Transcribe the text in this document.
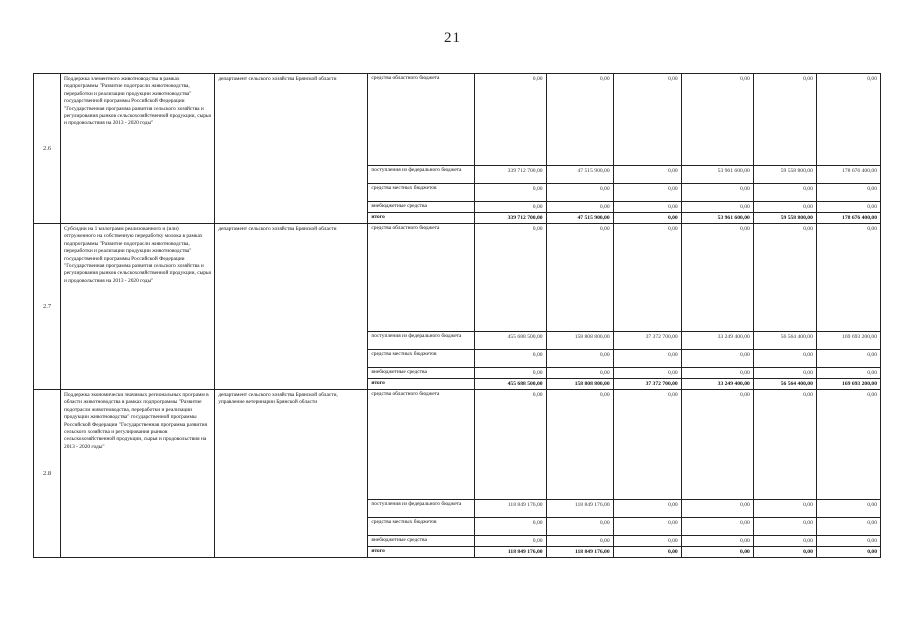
21
2.6	Поддержка элементного животноводства в рамках подпрограммы "Развитие подотрасли животноводства, переработки и реализации продукции животноводства" государственной программы Российской Федерации "Государственная программа развития сельского хозяйства и регулирования рынков сельскохозяйственной продукции, сырья и продовольствия на 2013 - 2020 годы"	департамент сельского хозяйства Брянской области	средства областного бюджета	0,00	0,00	0,00	0,00	0,00	0,00
			поступления из федерального бюджета	339 712 700,00	47 515 900,00	0,00	53 961 600,00	59 558 800,00	178 676 400,00
			средства местных бюджетов	0,00	0,00	0,00	0,00	0,00	0,00
			внебюджетные средства	0,00	0,00	0,00	0,00	0,00	0,00
			итого	339 712 700,00	47 515 900,00	0,00	53 961 600,00	59 558 800,00	178 676 400,00
2.7	Субсидии на 1 килограмм реализованного и (или) отгруженного на собственную переработку молока в рамках подпрограммы "Развитие подотрасли животноводства, переработки и реализации продукции животноводства" государственной программы Российской Федерации "Государственная программа развития сельского хозяйства и регулирования рынков сельскохозяйственной продукции, сырья и продовольствия на 2013 - 2020 годы"	департамент сельского хозяйства Брянской области	средства областного бюджета	0,00	0,00	0,00	0,00	0,00	0,00
			поступления из федерального бюджета	455 688 500,00	158 808 800,00	37 372 700,00	33 249 400,00	56 564 400,00	169 693 200,00
			средства местных бюджетов	0,00	0,00	0,00	0,00	0,00	0,00
			внебюджетные средства	0,00	0,00	0,00	0,00	0,00	0,00
			итого	455 688 500,00	158 808 800,00	37 372 700,00	33 249 400,00	56 564 400,00	169 693 200,00
2.8	Поддержка экономически значимых региональных программ в области животноводства в рамках подпрограммы "Развитие подотрасли животноводства, переработки и реализации продукции животноводства" государственной программы Российской Федерации "Государственная программа развития сельского хозяйства и регулирования рынков сельскохозяйственной продукции, сырья и продовольствия на 2013 - 2020 годы"	департамент сельского хозяйства Брянской области, управление ветеринарии Брянской области	средства областного бюджета	0,00	0,00	0,00	0,00	0,00	0,00
			поступления из федерального бюджета	118 849 176,00	118 849 176,00	0,00	0,00	0,00	0,00
			средства местных бюджетов	0,00	0,00	0,00	0,00	0,00	0,00
			внебюджетные средства	0,00	0,00	0,00	0,00	0,00	0,00
			итого	118 849 176,00	118 849 176,00	0,00	0,00	0,00	0,00
